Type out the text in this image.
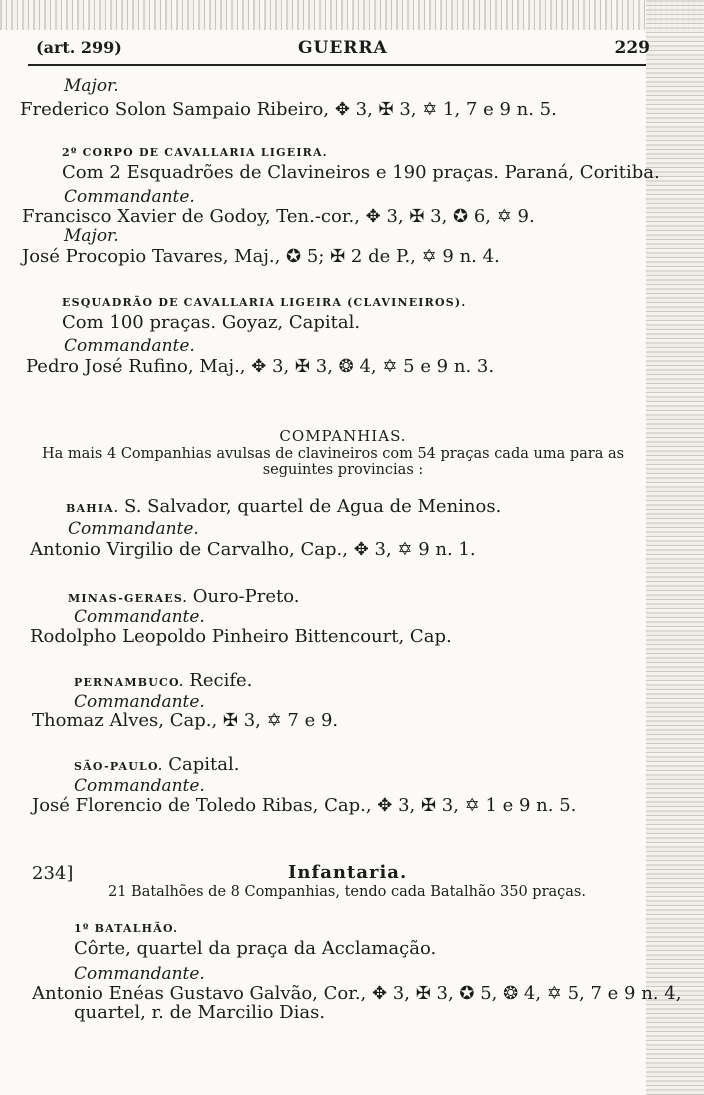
(art. 299)	GUERRA	229
Major.
Frederico Solon Sampaio Ribeiro, ✥ 3, ✠ 3, ✡ 1, 7 e 9 n. 5.
2º CORPO DE CAVALLARIA LIGEIRA.
Com 2 Esquadrões de Clavineiros e 190 praças. Paraná, Coritiba.
Commandante.
Francisco Xavier de Godoy, Ten.-cor., ✥ 3, ✠ 3, ✪ 6, ✡ 9.
Major.
José Procopio Tavares, Maj., ✪ 5; ✠ 2 de P., ✡ 9 n. 4.
ESQUADRÃO DE CAVALLARIA LIGEIRA (CLAVINEIROS).
Com 100 praças. Goyaz, Capital.
Commandante.
Pedro José Rufino, Maj., ✥ 3, ✠ 3, ❂ 4, ✡ 5 e 9 n. 3.
COMPANHIAS.
Ha mais 4 Companhias avulsas de clavineiros com 54 praças cada uma para as
seguintes provincias :
BAHIA. S. Salvador, quartel de Agua de Meninos.
Commandante.
Antonio Virgilio de Carvalho, Cap., ✥ 3, ✡ 9 n. 1.
MINAS-GERAES. Ouro-Preto.
Commandante.
Rodolpho Leopoldo Pinheiro Bittencourt, Cap.
PERNAMBUCO. Recife.
Commandante.
Thomaz Alves, Cap., ✠ 3, ✡ 7 e 9.
SÃO-PAULO. Capital.
Commandante.
José Florencio de Toledo Ribas, Cap., ✥ 3, ✠ 3, ✡ 1 e 9 n. 5.
234]	Infantaria.
21 Batalhões de 8 Companhias, tendo cada Batalhão 350 praças.
1º BATALHÃO.
Côrte, quartel da praça da Acclamação.
Commandante.
Antonio Enéas Gustavo Galvão, Cor., ✥ 3, ✠ 3, ✪ 5, ❂ 4, ✡ 5, 7 e 9 n. 4,
quartel, r. de Marcilio Dias.
